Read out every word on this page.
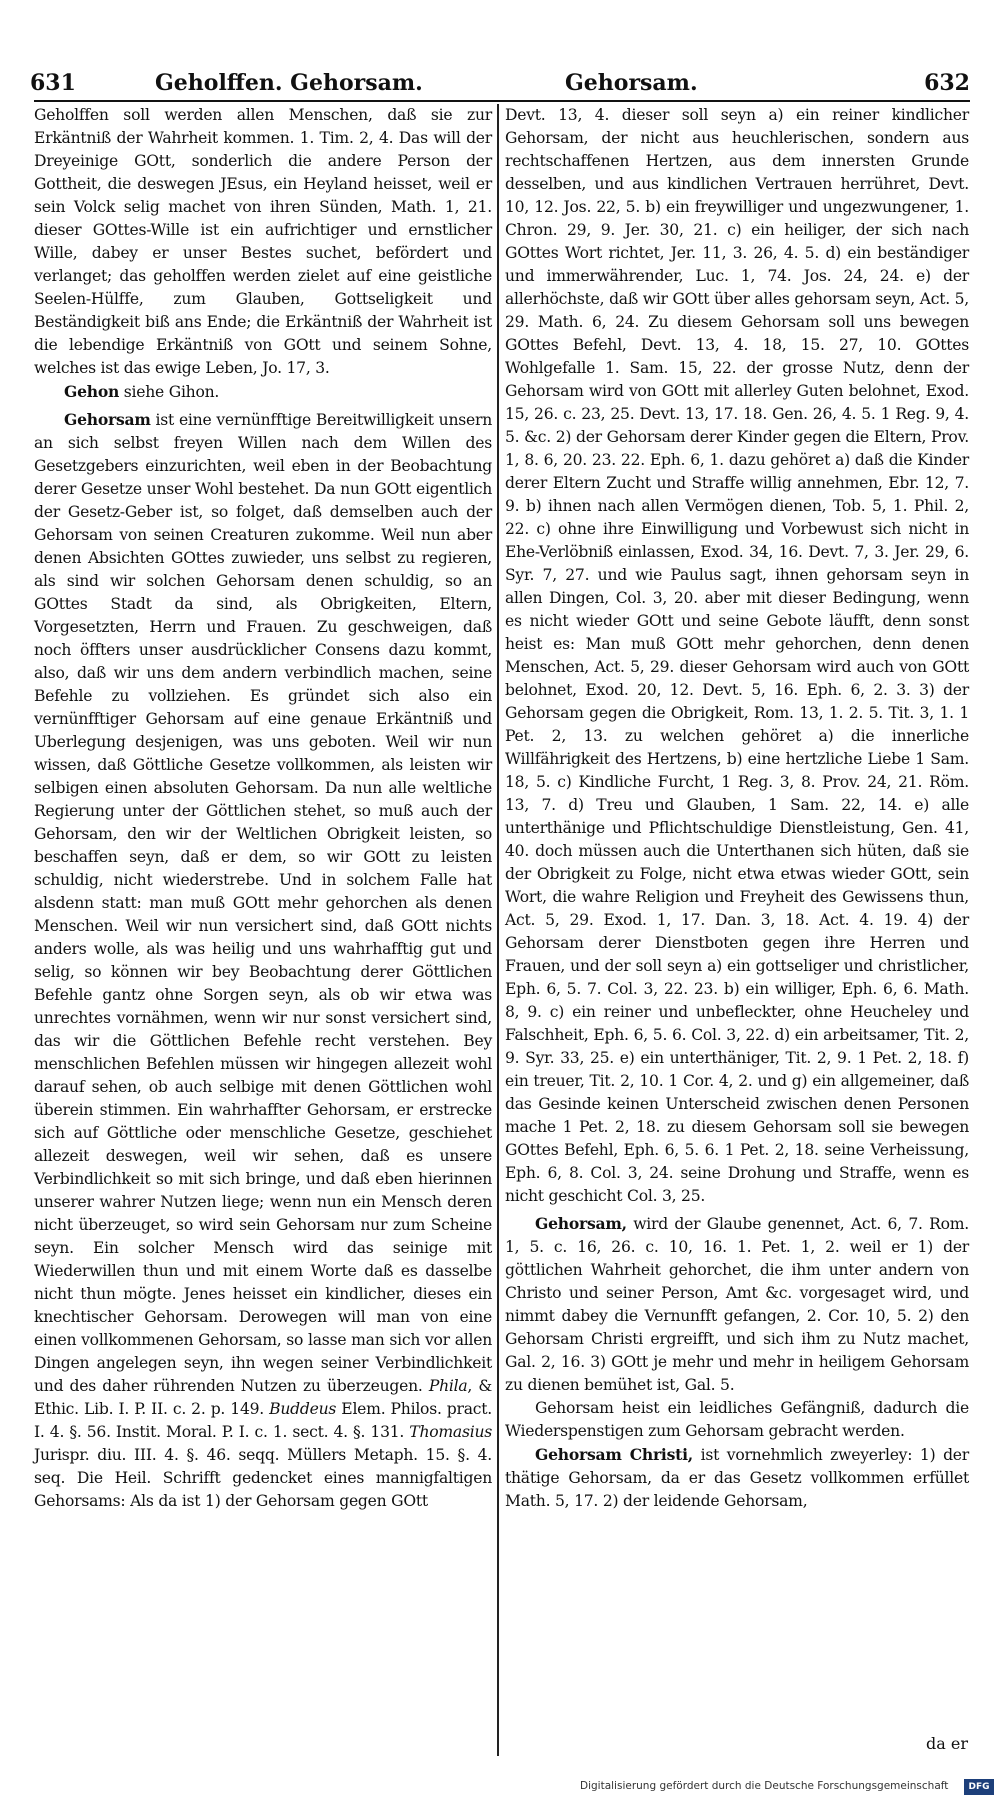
631	Geholffen. Gehorsam.	Gehorsam.	632

Geholffen soll werden allen Menschen, daß sie zur Erkäntniß der Wahrheit kommen. 1. Tim. 2, 4. Das will der Dreyeinige GOtt, sonderlich die andere Person der Gottheit, die deswegen JEsus, ein Heyland heisset, weil er sein Volck selig machet von ihren Sünden, Math. 1, 21. dieser GOttes-Wille ist ein aufrichtiger und ernstlicher Wille, dabey er unser Bestes suchet, befördert und verlanget; das geholffen werden zielet auf eine geistliche Seelen-Hülffe, zum Glauben, Gottseligkeit und Beständigkeit biß ans Ende; die Erkäntniß der Wahrheit ist die lebendige Erkäntniß von GOtt und seinem Sohne, welches ist das ewige Leben, Jo. 17, 3.

Gehon siehe Gihon.

Gehorsam ist eine vernünfftige Bereitwilligkeit unsern an sich selbst freyen Willen nach dem Willen des Gesetzgebers einzurichten, weil eben in der Beobachtung derer Gesetze unser Wohl bestehet. Da nun GOtt eigentlich der Gesetz-Geber ist, so folget, daß demselben auch der Gehorsam von seinen Creaturen zukomme. Weil nun aber denen Absichten GOttes zuwieder, uns selbst zu regieren, als sind wir solchen Gehorsam denen schuldig, so an GOttes Stadt da sind, als Obrigkeiten, Eltern, Vorgesetzten, Herrn und Frauen. Zu geschweigen, daß noch öffters unser ausdrücklicher Consens dazu kommt, also, daß wir uns dem andern verbindlich machen, seine Befehle zu vollziehen. Es gründet sich also ein vernünfftiger Gehorsam auf eine genaue Erkäntniß und Uberlegung desjenigen, was uns geboten. Weil wir nun wissen, daß Göttliche Gesetze vollkommen, als leisten wir selbigen einen absoluten Gehorsam. Da nun alle weltliche Regierung unter der Göttlichen stehet, so muß auch der Gehorsam, den wir der Weltlichen Obrigkeit leisten, so beschaffen seyn, daß er dem, so wir GOtt zu leisten schuldig, nicht wiederstrebe. Und in solchem Falle hat alsdenn statt: man muß GOtt mehr gehorchen als denen Menschen. Weil wir nun versichert sind, daß GOtt nichts anders wolle, als was heilig und uns wahrhafftig gut und selig, so können wir bey Beobachtung derer Göttlichen Befehle gantz ohne Sorgen seyn, als ob wir etwa was unrechtes vornähmen, wenn wir nur sonst versichert sind, das wir die Göttlichen Befehle recht verstehen. Bey menschlichen Befehlen müssen wir hingegen allezeit wohl darauf sehen, ob auch selbige mit denen Göttlichen wohl überein stimmen. Ein wahrhaffter Gehorsam, er erstrecke sich auf Göttliche oder menschliche Gesetze, geschiehet allezeit deswegen, weil wir sehen, daß es unsere Verbindlichkeit so mit sich bringe, und daß eben hierinnen unserer wahrer Nutzen liege; wenn nun ein Mensch deren nicht überzeuget, so wird sein Gehorsam nur zum Scheine seyn. Ein solcher Mensch wird das seinige mit Wiederwillen thun und mit einem Worte daß es dasselbe nicht thun mögte. Jenes heisset ein kindlicher, dieses ein knechtischer Gehorsam. Derowegen will man von eine einen vollkommenen Gehorsam, so lasse man sich vor allen Dingen angelegen seyn, ihn wegen seiner Verbindlichkeit und des daher rührenden Nutzen zu überzeugen. Phila, & Ethic. Lib. I. P. II. c. 2. p. 149. Buddeus Elem. Philos. pract. I. 4. §. 56. Instit. Moral. P. I. c. 1. sect. 4. §. 131. Thomasius Jurispr. diu. III. 4. §. 46. seqq. Müllers Metaph. 15. §. 4. seq. Die Heil. Schrifft gedencket eines mannigfaltigen Gehorsams: Als da ist 1) der Gehorsam gegen GOtt

Devt. 13, 4. dieser soll seyn a) ein reiner kindlicher Gehorsam, der nicht aus heuchlerischen, sondern aus rechtschaffenen Hertzen, aus dem innersten Grunde desselben, und aus kindlichen Vertrauen herrühret, Devt. 10, 12. Jos. 22, 5. b) ein freywilliger und ungezwungener, 1. Chron. 29, 9. Jer. 30, 21. c) ein heiliger, der sich nach GOttes Wort richtet, Jer. 11, 3. 26, 4. 5. d) ein beständiger und immerwährender, Luc. 1, 74. Jos. 24, 24. e) der allerhöchste, daß wir GOtt über alles gehorsam seyn, Act. 5, 29. Math. 6, 24. Zu diesem Gehorsam soll uns bewegen GOttes Befehl, Devt. 13, 4. 18, 15. 27, 10. GOttes Wohlgefalle 1. Sam. 15, 22. der grosse Nutz, denn der Gehorsam wird von GOtt mit allerley Guten belohnet, Exod. 15, 26. c. 23, 25. Devt. 13, 17. 18. Gen. 26, 4. 5. 1 Reg. 9, 4. 5. &c. 2) der Gehorsam derer Kinder gegen die Eltern, Prov. 1, 8. 6, 20. 23. 22. Eph. 6, 1. dazu gehöret a) daß die Kinder derer Eltern Zucht und Straffe willig annehmen, Ebr. 12, 7. 9. b) ihnen nach allen Vermögen dienen, Tob. 5, 1. Phil. 2, 22. c) ohne ihre Einwilligung und Vorbewust sich nicht in Ehe-Verlöbniß einlassen, Exod. 34, 16. Devt. 7, 3. Jer. 29, 6. Syr. 7, 27. und wie Paulus sagt, ihnen gehorsam seyn in allen Dingen, Col. 3, 20. aber mit dieser Bedingung, wenn es nicht wieder GOtt und seine Gebote läufft, denn sonst heist es: Man muß GOtt mehr gehorchen, denn denen Menschen, Act. 5, 29. dieser Gehorsam wird auch von GOtt belohnet, Exod. 20, 12. Devt. 5, 16. Eph. 6, 2. 3. 3) der Gehorsam gegen die Obrigkeit, Rom. 13, 1. 2. 5. Tit. 3, 1. 1 Pet. 2, 13. zu welchen gehöret a) die innerliche Willfährigkeit des Hertzens, b) eine hertzliche Liebe 1 Sam. 18, 5. c) Kindliche Furcht, 1 Reg. 3, 8. Prov. 24, 21. Röm. 13, 7. d) Treu und Glauben, 1 Sam. 22, 14. e) alle unterthänige und Pflichtschuldige Dienstleistung, Gen. 41, 40. doch müssen auch die Unterthanen sich hüten, daß sie der Obrigkeit zu Folge, nicht etwa etwas wieder GOtt, sein Wort, die wahre Religion und Freyheit des Gewissens thun, Act. 5, 29. Exod. 1, 17. Dan. 3, 18. Act. 4. 19. 4) der Gehorsam derer Dienstboten gegen ihre Herren und Frauen, und der soll seyn a) ein gottseliger und christlicher, Eph. 6, 5. 7. Col. 3, 22. 23. b) ein williger, Eph. 6, 6. Math. 8, 9. c) ein reiner und unbefleckter, ohne Heucheley und Falschheit, Eph. 6, 5. 6. Col. 3, 22. d) ein arbeitsamer, Tit. 2, 9. Syr. 33, 25. e) ein unterthäniger, Tit. 2, 9. 1 Pet. 2, 18. f) ein treuer, Tit. 2, 10. 1 Cor. 4, 2. und g) ein allgemeiner, daß das Gesinde keinen Unterscheid zwischen denen Personen mache 1 Pet. 2, 18. zu diesem Gehorsam soll sie bewegen GOttes Befehl, Eph. 6, 5. 6. 1 Pet. 2, 18. seine Verheissung, Eph. 6, 8. Col. 3, 24. seine Drohung und Straffe, wenn es nicht geschicht Col. 3, 25.

Gehorsam, wird der Glaube genennet, Act. 6, 7. Rom. 1, 5. c. 16, 26. c. 10, 16. 1. Pet. 1, 2. weil er 1) der göttlichen Wahrheit gehorchet, die ihm unter andern von Christo und seiner Person, Amt &c. vorgesaget wird, und nimmt dabey die Vernunfft gefangen, 2. Cor. 10, 5. 2) den Gehorsam Christi ergreifft, und sich ihm zu Nutz machet, Gal. 2, 16. 3) GOtt je mehr und mehr in heiligem Gehorsam zu dienen bemühet ist, Gal. 5.

Gehorsam heist ein leidliches Gefängniß, dadurch die Wiederspenstigen zum Gehorsam gebracht werden.

Gehorsam Christi, ist vornehmlich zweyerley: 1) der thätige Gehorsam, da er das Gesetz vollkommen erfüllet Math. 5, 17. 2) der leidende Gehorsam,

da er
Digitalisierung gefördert durch die Deutsche Forschungsgemeinschaft	DFG
